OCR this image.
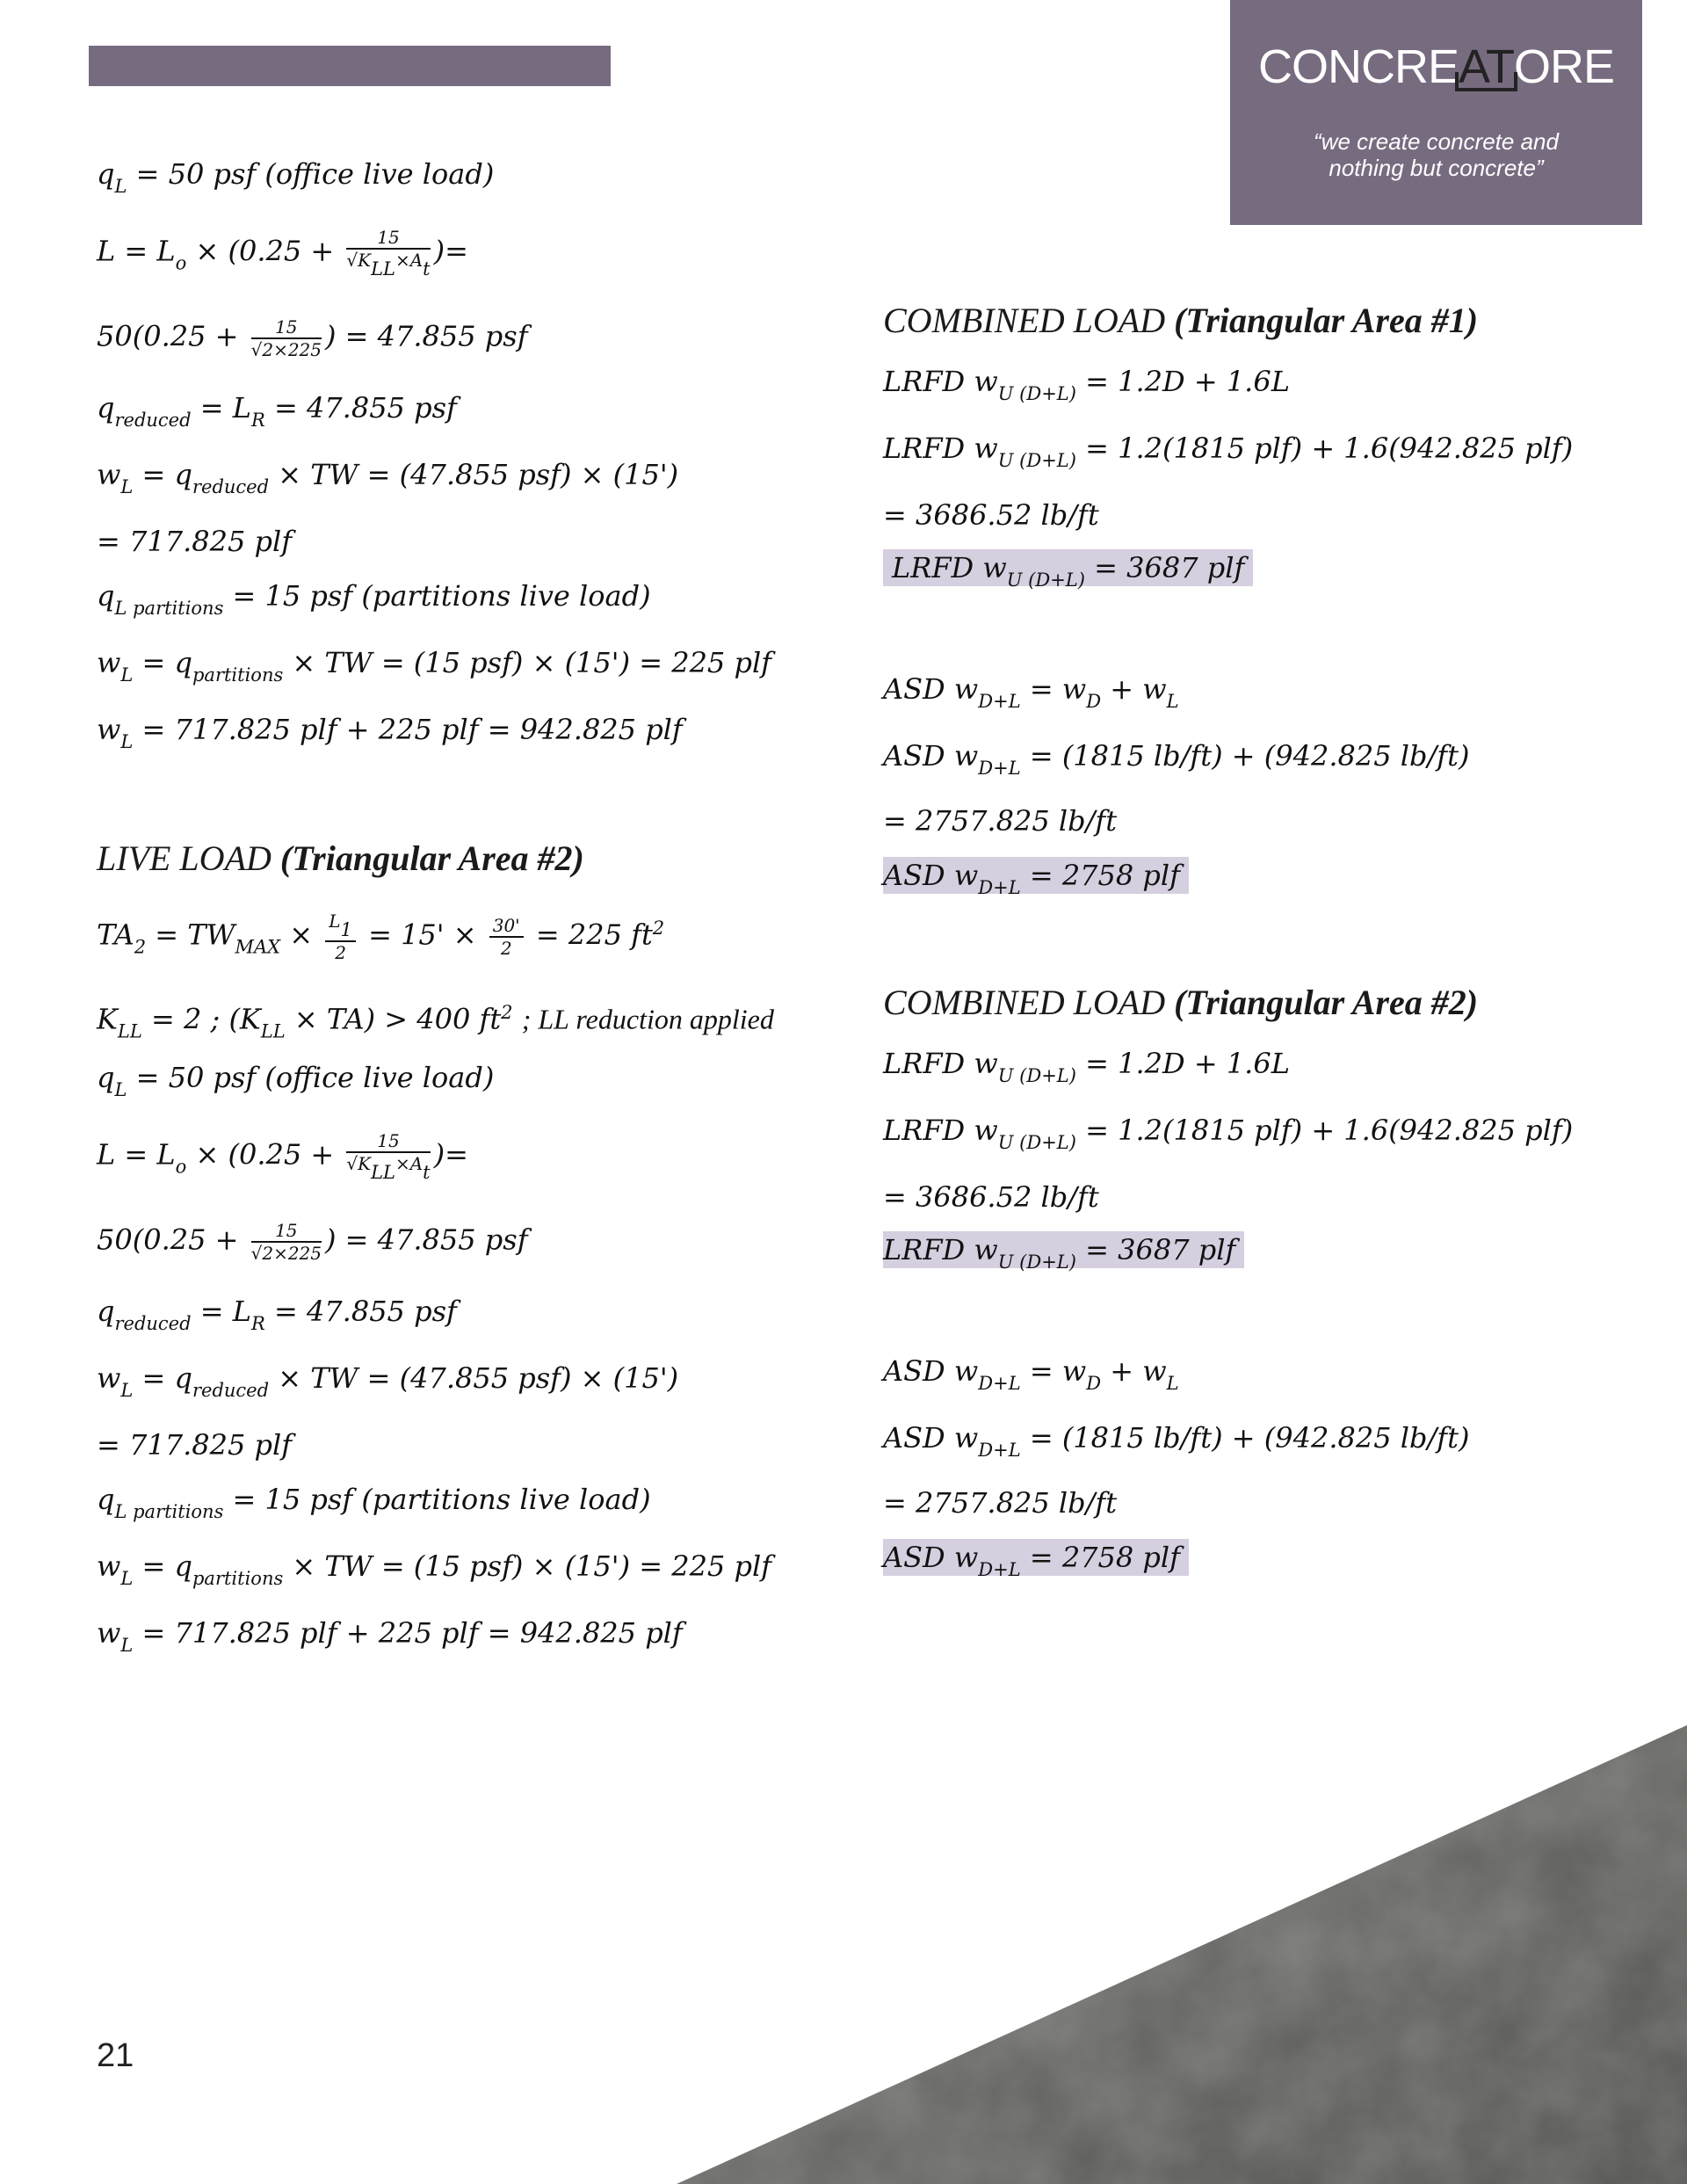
CONCREATORE
“we create concrete and
nothing but concrete”
$q_L = 50$ psf (office live load)
$L = L_o \times (0.25 + \frac{15}{√K_{LL}\times A_t}$ )=
$50(0.25 + \frac{15}{√2\times 225}$ ) = 47.855 psf
$q_{reduced} = L_R = 47.855$ psf
$w_L = q_{reduced}$ × TW = (47.855 psf) × (15')
= 717.825 plf
$q_{L partitions} = 15$ psf (partitions live load)
$w_L = q_{partitions}$ × TW = (15 psf) × (15') = 225 plf
$w_L = 717.825$ plf + 225 plf = 942.825 plf
LIVE LOAD (Triangular Area #2)
$TA_2 = TW_{MAX} \times \frac{L_1}{2} = 15' \times \frac{30'}{2} = 225$ $ft^2$
$K_{LL} = 2$ ; $(K_{LL} \times TA) > 400$ $ft^2$ ; LL reduction applied
$q_L = 50$ psf (office live load)
$L = L_o \times (0.25 + \frac{15}{√K_{LL}\times A_t}$ )=
$50(0.25 + \frac{15}{√2\times 225}$ ) = 47.855 psf
$q_{reduced} = L_R = 47.855$ psf
$w_L = q_{reduced}$ × TW = (47.855 psf) × (15')
= 717.825 plf
$q_{L partitions} = 15$ psf (partitions live load)
$w_L = q_{partitions}$ × TW = (15 psf) × (15') = 225 plf
$w_L = 717.825$ plf + 225 plf = 942.825 plf
COMBINED LOAD (Triangular Area #1)
LRFD $w_{U (D+L)} = 1.2D + 1.6L$
LRFD $w_{U (D+L)} = 1.2(1815$ plf) + 1.6(942.825 plf)
= 3686.52 lb/ft
LRFD $w_{U (D+L)} = 3687$ plf
ASD $w_{D+L} = w_D + w_L$
ASD $w_{D+L} = (1815$ lb/ft) + (942.825 lb/ft)
= 2757.825 lb/ft
ASD $w_{D+L} = 2758$ plf
COMBINED LOAD (Triangular Area #2)
LRFD $w_{U (D+L)} = 1.2D + 1.6L$
LRFD $w_{U (D+L)} = 1.2(1815$ plf) + 1.6(942.825 plf)
= 3686.52 lb/ft
LRFD $w_{U (D+L)} = 3687$ plf
ASD $w_{D+L} = w_D + w_L$
ASD $w_{D+L} = (1815$ lb/ft) + (942.825 lb/ft)
= 2757.825 lb/ft
ASD $w_{D+L} = 2758$ plf
21
